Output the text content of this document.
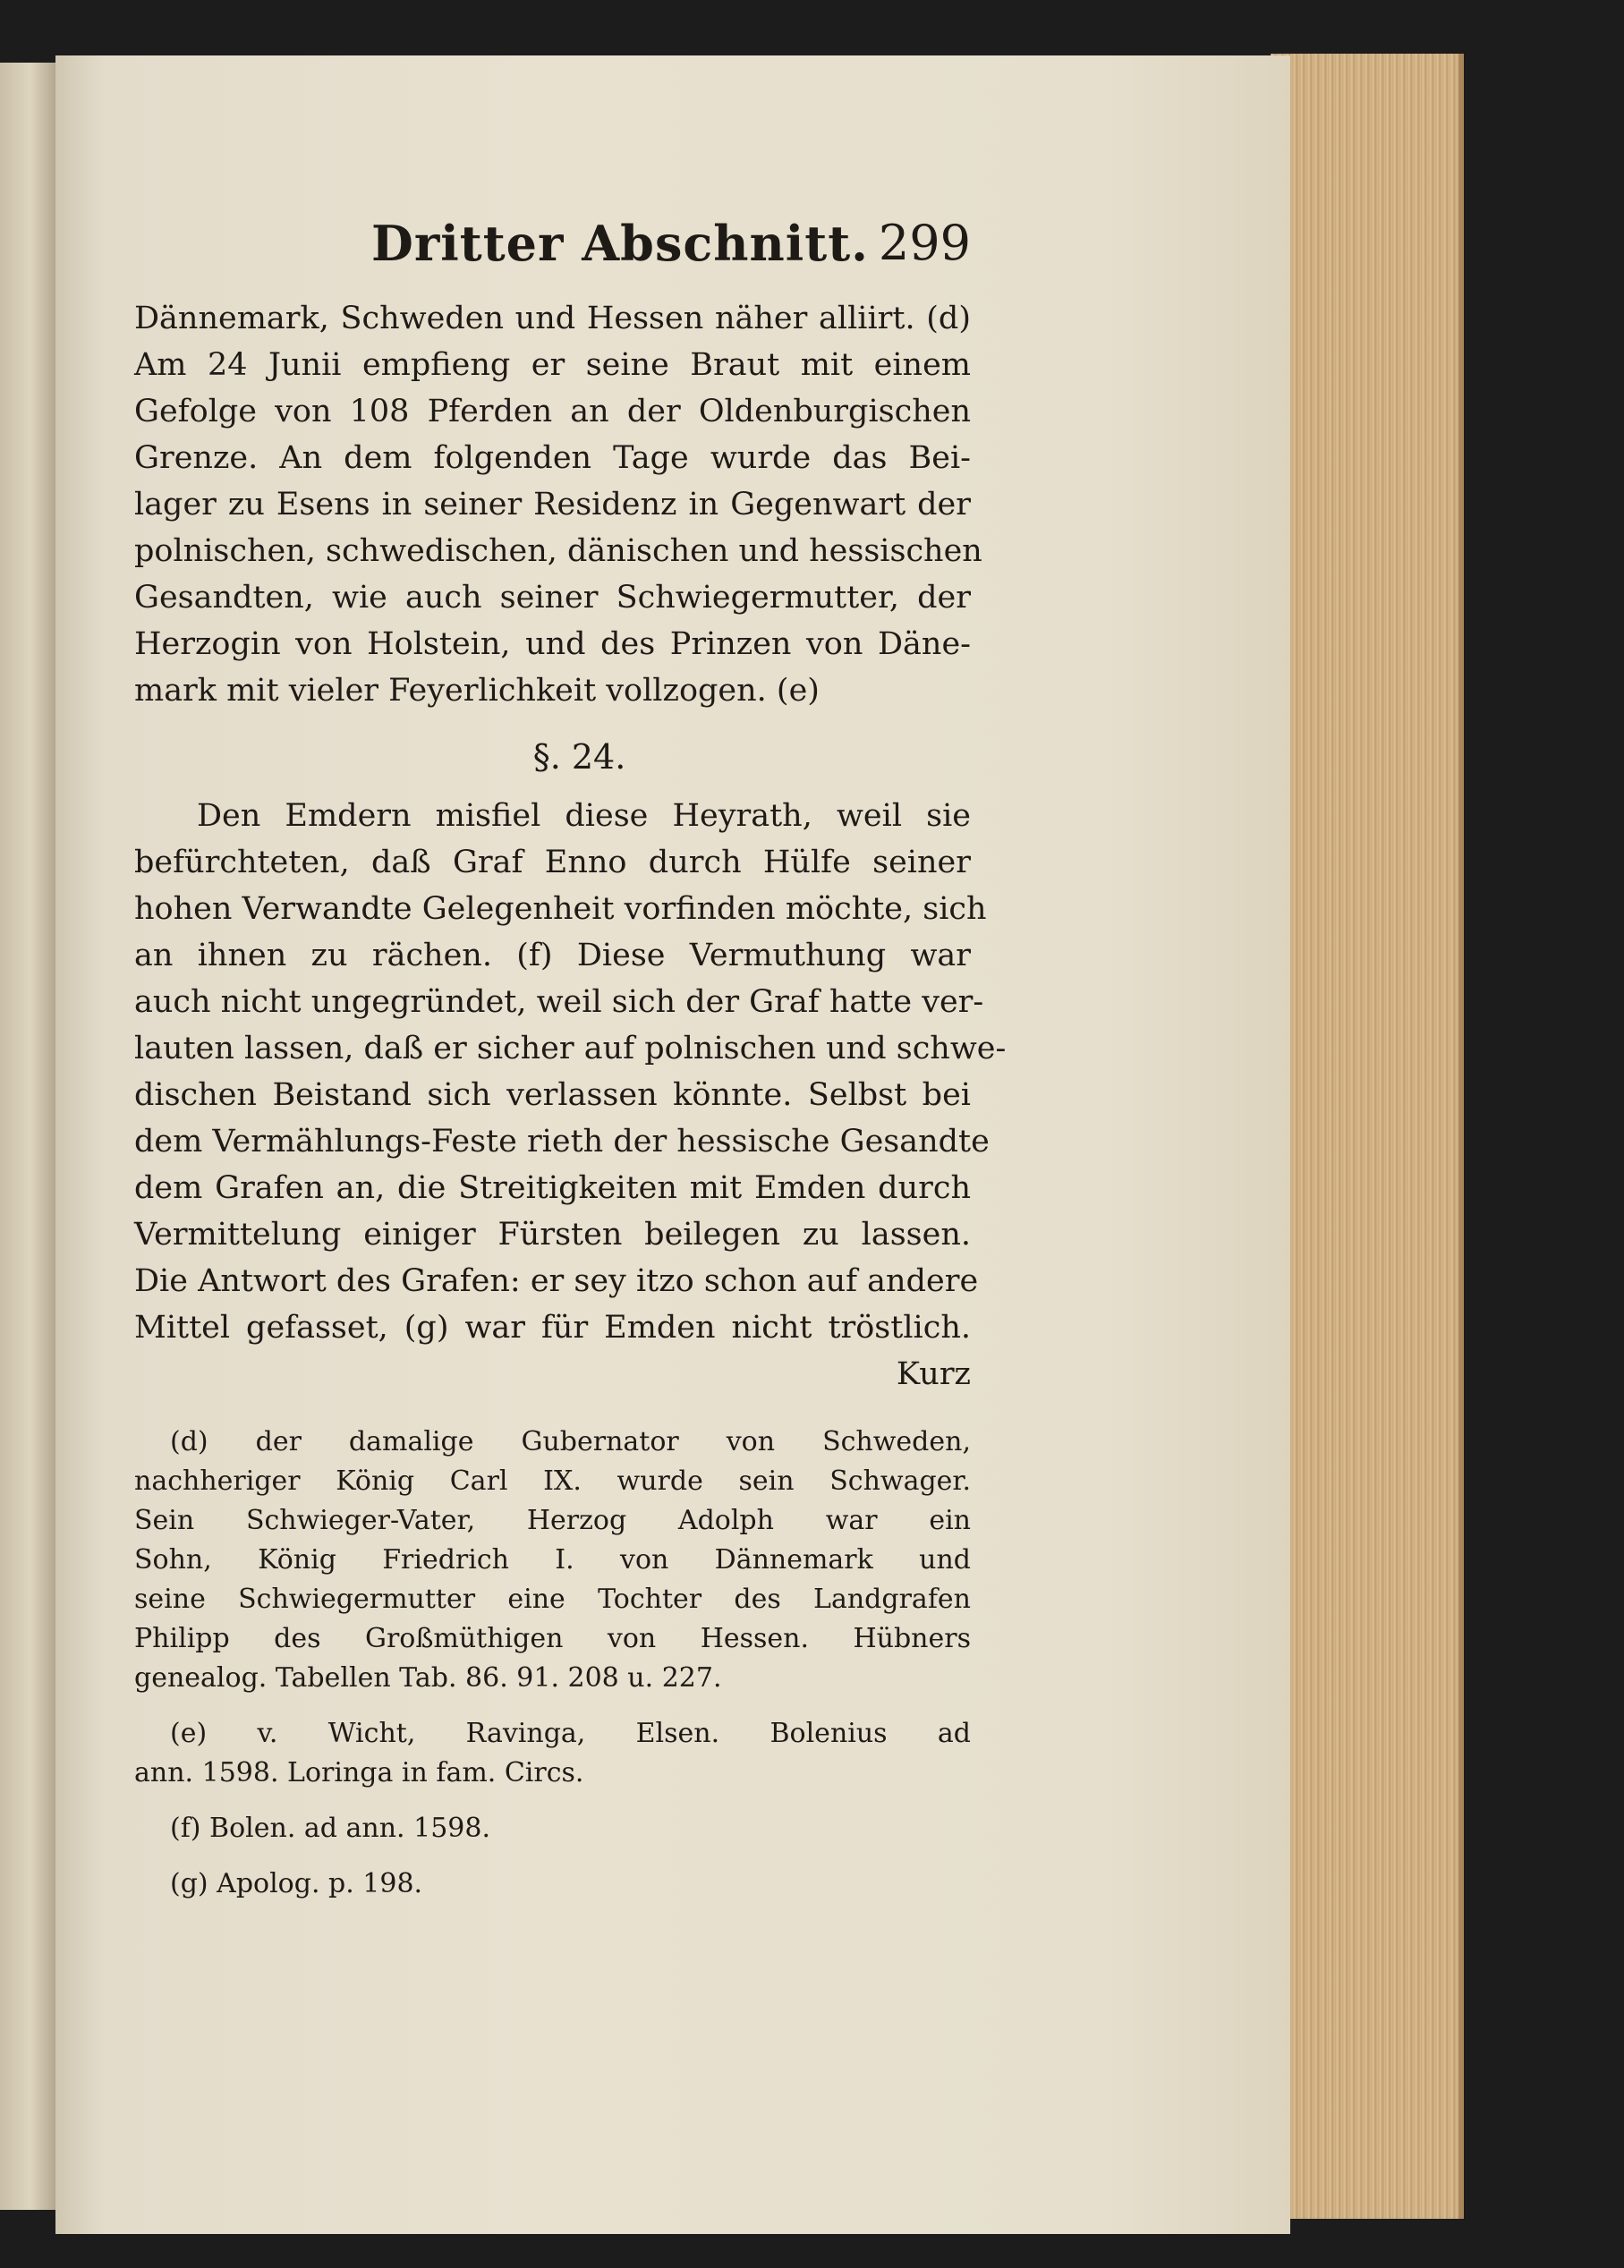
Dritter Abschnitt. 299
Dännemark, Schweden und Hessen näher alliirt. (d)
Am 24 Junii empfieng er seine Braut mit einem
Gefolge von 108 Pferden an der Oldenburgischen
Grenze. An dem folgenden Tage wurde das Bei-
lager zu Esens in seiner Residenz in Gegenwart der
polnischen, schwedischen, dänischen und hessischen
Gesandten, wie auch seiner Schwiegermutter, der
Herzogin von Holstein, und des Prinzen von Däne-
mark mit vieler Feyerlichkeit vollzogen. (e)
§. 24.
Den Emdern misfiel diese Heyrath, weil sie
befürchteten, daß Graf Enno durch Hülfe seiner
hohen Verwandte Gelegenheit vorfinden möchte, sich
an ihnen zu rächen. (f) Diese Vermuthung war
auch nicht ungegründet, weil sich der Graf hatte ver-
lauten lassen, daß er sicher auf polnischen und schwe-
dischen Beistand sich verlassen könnte. Selbst bei
dem Vermählungs-Feste rieth der hessische Gesandte
dem Grafen an, die Streitigkeiten mit Emden durch
Vermittelung einiger Fürsten beilegen zu lassen.
Die Antwort des Grafen: er sey itzo schon auf andere
Mittel gefasset, (g) war für Emden nicht tröstlich.
Kurz
(d) der damalige Gubernator von Schweden,
nachheriger König Carl IX. wurde sein Schwager.
Sein Schwieger-Vater, Herzog Adolph war ein
Sohn, König Friedrich I. von Dännemark und
seine Schwiegermutter eine Tochter des Landgrafen
Philipp des Großmüthigen von Hessen. Hübners
genealog. Tabellen Tab. 86. 91. 208 u. 227.
(e) v. Wicht, Ravinga, Elsen. Bolenius ad
ann. 1598. Loringa in fam. Circs.
(f) Bolen. ad ann. 1598.
(g) Apolog. p. 198.
